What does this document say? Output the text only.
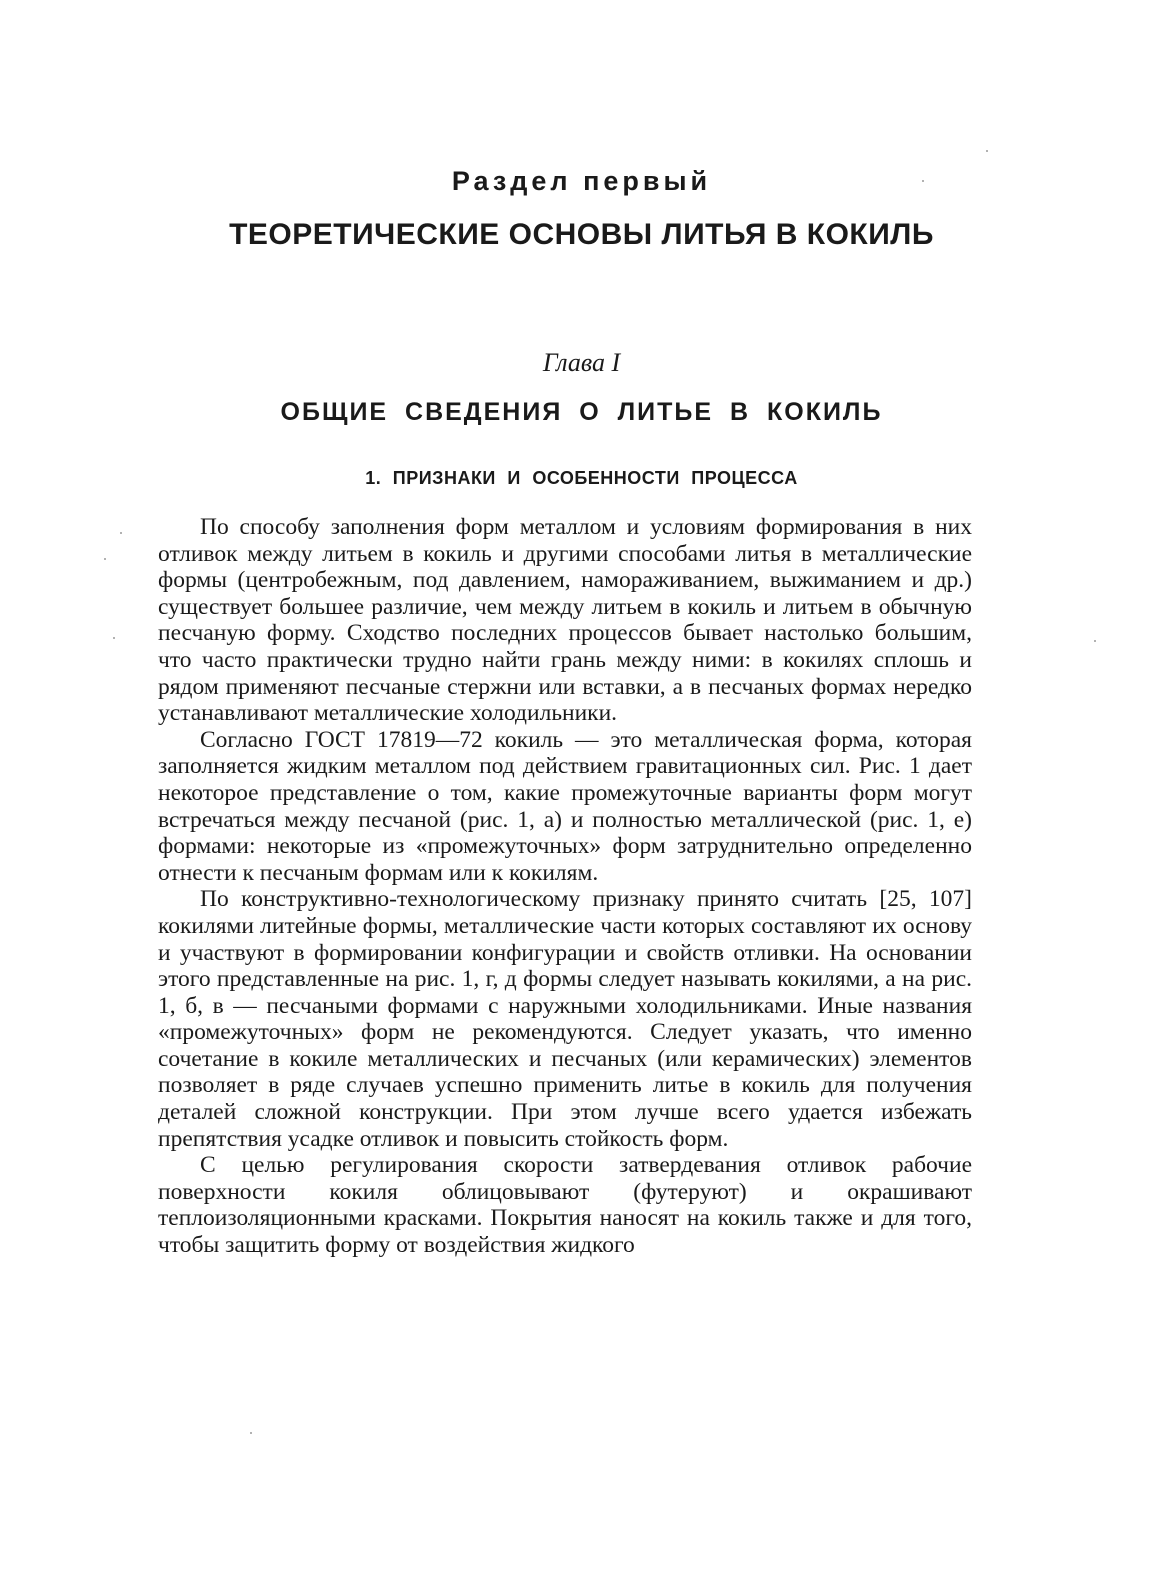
Раздел первый
ТЕОРЕТИЧЕСКИЕ ОСНОВЫ ЛИТЬЯ В КОКИЛЬ
Глава I
ОБЩИЕ СВЕДЕНИЯ О ЛИТЬЕ В КОКИЛЬ
1. ПРИЗНАКИ И ОСОБЕННОСТИ ПРОЦЕССА

По способу заполнения форм металлом и условиям формирования в них отливок между литьем в кокиль и другими способами литья в металлические формы (центробежным, под давлением, намораживанием, выжиманием и др.) существует большее различие, чем между литьем в кокиль и литьем в обычную песчаную форму. Сходство последних процессов бывает настолько большим, что часто практически трудно найти грань между ними: в кокилях сплошь и рядом применяют песчаные стержни или вставки, а в песчаных формах нередко устанавливают металлические холодильники.

Согласно ГОСТ 17819—72 кокиль — это металлическая форма, которая заполняется жидким металлом под действием гравитационных сил. Рис. 1 дает некоторое представление о том, какие промежуточные варианты форм могут встречаться между песчаной (рис. 1, а) и полностью металлической (рис. 1, е) формами: некоторые из «промежуточных» форм затруднительно определенно отнести к песчаным формам или к кокилям.

По конструктивно-технологическому признаку принято считать [25, 107] кокилями литейные формы, металлические части которых составляют их основу и участвуют в формировании конфигурации и свойств отливки. На основании этого представленные на рис. 1, г, д формы следует называть кокилями, а на рис. 1, б, в — песчаными формами с наружными холодильниками. Иные названия «промежуточных» форм не рекомендуются. Следует указать, что именно сочетание в кокиле металлических и песчаных (или керамических) элементов позволяет в ряде случаев успешно применить литье в кокиль для получения деталей сложной конструкции. При этом лучше всего удается избежать препятствия усадке отливок и повысить стойкость форм.

С целью регулирования скорости затвердевания отливок рабочие поверхности кокиля облицовывают (футеруют) и окрашивают теплоизоляционными красками. Покрытия наносят на кокиль также и для того, чтобы защитить форму от воздействия жидкого
